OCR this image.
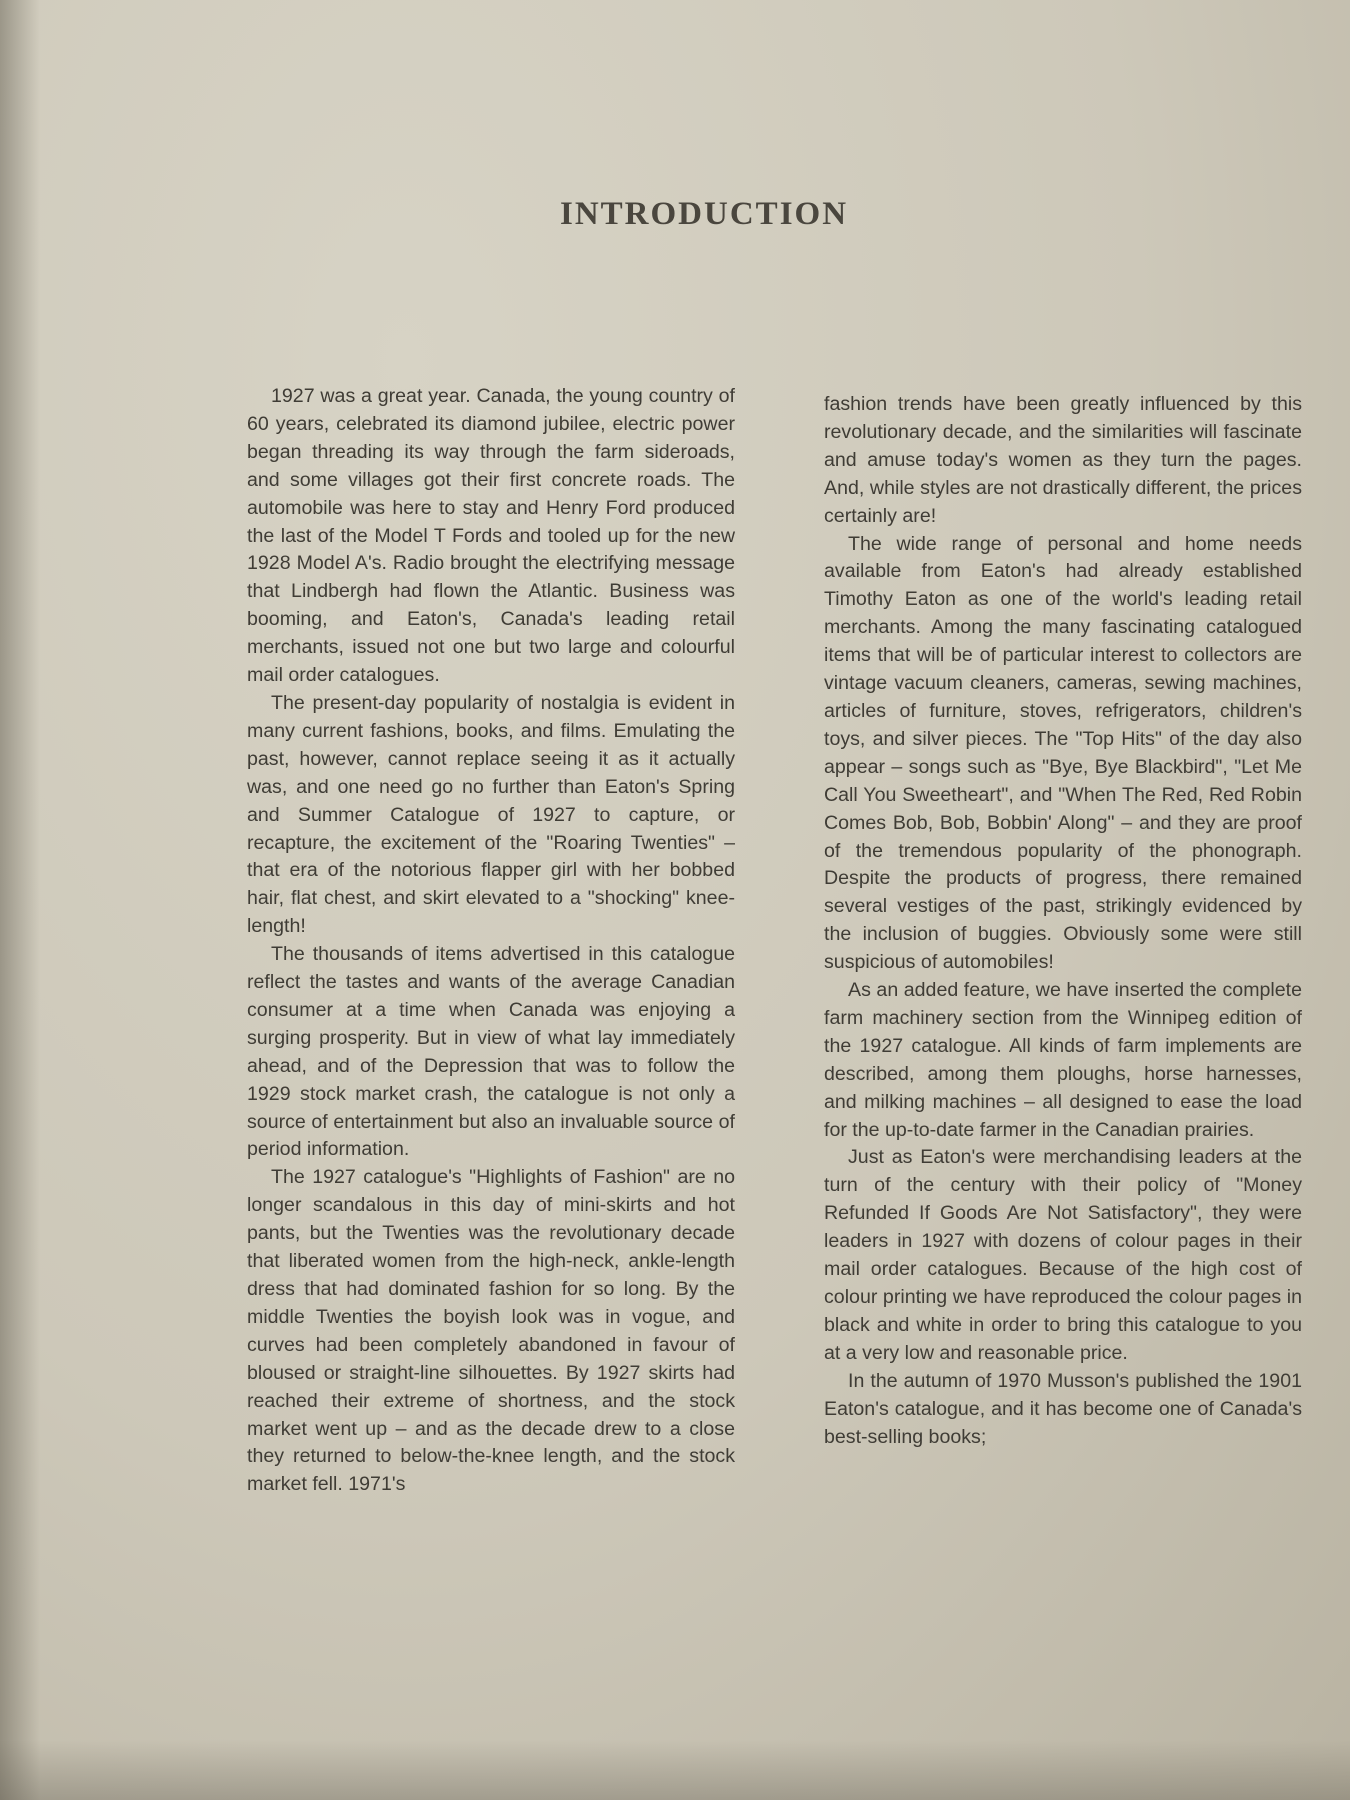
INTRODUCTION

1927 was a great year. Canada, the young country of 60 years, celebrated its diamond jubilee, electric power began threading its way through the farm sideroads, and some villages got their first concrete roads. The automobile was here to stay and Henry Ford produced the last of the Model T Fords and tooled up for the new 1928 Model A's. Radio brought the electrifying message that Lindbergh had flown the Atlantic. Business was booming, and Eaton's, Canada's leading retail merchants, issued not one but two large and colourful mail order catalogues.

The present-day popularity of nostalgia is evident in many current fashions, books, and films. Emulating the past, however, cannot replace seeing it as it actually was, and one need go no further than Eaton's Spring and Summer Catalogue of 1927 to capture, or recapture, the excitement of the "Roaring Twenties" – that era of the notorious flapper girl with her bobbed hair, flat chest, and skirt elevated to a "shocking" knee-length!

The thousands of items advertised in this catalogue reflect the tastes and wants of the average Canadian consumer at a time when Canada was enjoying a surging prosperity. But in view of what lay immediately ahead, and of the Depression that was to follow the 1929 stock market crash, the catalogue is not only a source of entertainment but also an invaluable source of period information.

The 1927 catalogue's "Highlights of Fashion" are no longer scandalous in this day of mini-skirts and hot pants, but the Twenties was the revolutionary decade that liberated women from the high-neck, ankle-length dress that had dominated fashion for so long. By the middle Twenties the boyish look was in vogue, and curves had been completely abandoned in favour of bloused or straight-line silhouettes. By 1927 skirts had reached their extreme of shortness, and the stock market went up – and as the decade drew to a close they returned to below-the-knee length, and the stock market fell. 1971's

fashion trends have been greatly influenced by this revolutionary decade, and the similarities will fascinate and amuse today's women as they turn the pages. And, while styles are not drastically different, the prices certainly are!

The wide range of personal and home needs available from Eaton's had already established Timothy Eaton as one of the world's leading retail merchants. Among the many fascinating catalogued items that will be of particular interest to collectors are vintage vacuum cleaners, cameras, sewing machines, articles of furniture, stoves, refrigerators, children's toys, and silver pieces. The "Top Hits" of the day also appear – songs such as "Bye, Bye Blackbird", "Let Me Call You Sweetheart", and "When The Red, Red Robin Comes Bob, Bob, Bobbin' Along" – and they are proof of the tremendous popularity of the phonograph. Despite the products of progress, there remained several vestiges of the past, strikingly evidenced by the inclusion of buggies. Obviously some were still suspicious of automobiles!

As an added feature, we have inserted the complete farm machinery section from the Winnipeg edition of the 1927 catalogue. All kinds of farm implements are described, among them ploughs, horse harnesses, and milking machines – all designed to ease the load for the up-to-date farmer in the Canadian prairies.

Just as Eaton's were merchandising leaders at the turn of the century with their policy of "Money Refunded If Goods Are Not Satisfactory", they were leaders in 1927 with dozens of colour pages in their mail order catalogues. Because of the high cost of colour printing we have reproduced the colour pages in black and white in order to bring this catalogue to you at a very low and reasonable price.

In the autumn of 1970 Musson's published the 1901 Eaton's catalogue, and it has become one of Canada's best-selling books;
